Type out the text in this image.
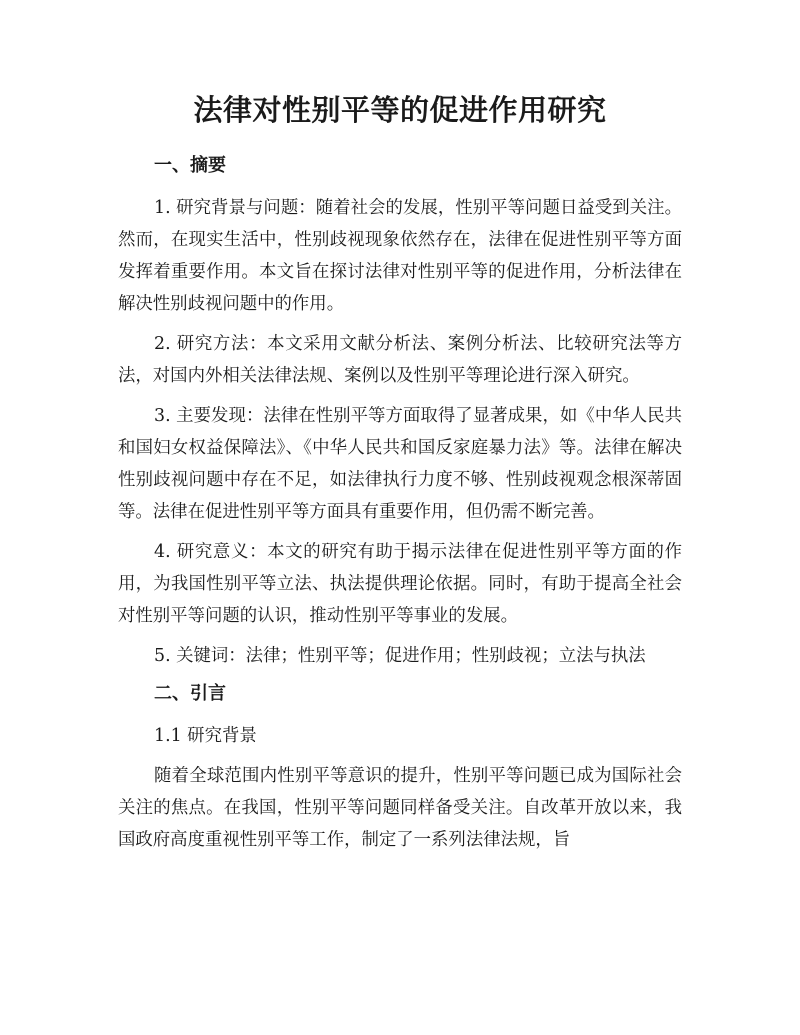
法律对性别平等的促进作用研究
一、摘要

1. 研究背景与问题：随着社会的发展，性别平等问题日益受到关注。然而，在现实生活中，性别歧视现象依然存在，法律在促进性别平等方面发挥着重要作用。本文旨在探讨法律对性别平等的促进作用，分析法律在解决性别歧视问题中的作用。

2. 研究方法：本文采用文献分析法、案例分析法、比较研究法等方法，对国内外相关法律法规、案例以及性别平等理论进行深入研究。

3. 主要发现：法律在性别平等方面取得了显著成果，如《中华人民共和国妇女权益保障法》、《中华人民共和国反家庭暴力法》等。法律在解决性别歧视问题中存在不足，如法律执行力度不够、性别歧视观念根深蒂固等。法律在促进性别平等方面具有重要作用，但仍需不断完善。

4. 研究意义：本文的研究有助于揭示法律在促进性别平等方面的作用，为我国性别平等立法、执法提供理论依据。同时，有助于提高全社会对性别平等问题的认识，推动性别平等事业的发展。

5. 关键词：法律；性别平等；促进作用；性别歧视；立法与执法

二、引言
1.1 研究背景

随着全球范围内性别平等意识的提升，性别平等问题已成为国际社会关注的焦点。在我国，性别平等问题同样备受关注。自改革开放以来，我国政府高度重视性别平等工作，制定了一系列法律法规，旨
